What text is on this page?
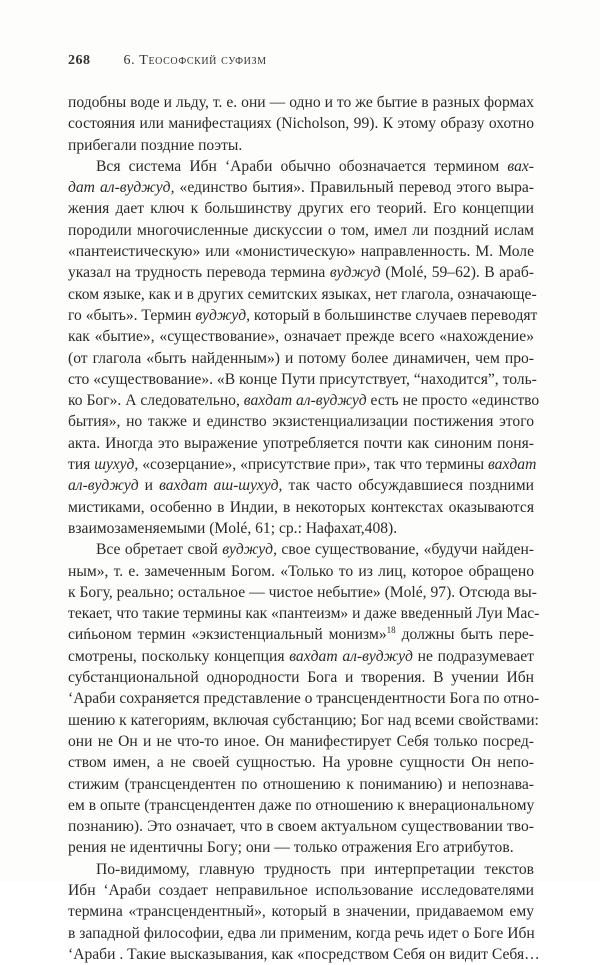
268 6. Теософский суфизм
подобны воде и льду, т. е. они — одно и то же бытие в разных формах
состояния или манифестациях (Nicholson, 99). К этому образу охотно
прибегали поздние поэты.
Вся система Ибн ‘Араби обычно обозначается термином вах-
дат ал-вуджуд, «единство бытия». Правильный перевод этого выра-
жения дает ключ к большинству других его теорий. Его концепции
породили многочисленные дискуссии о том, имел ли поздний ислам
«пантеистическую» или «монистическую» направленность. М. Моле
указал на трудность перевода термина вуджуд (Molé, 59–62). В араб-
ском языке, как и в других семитских языках, нет глагола, означающе-
го «быть». Термин вуджуд, который в большинстве случаев переводят
как «бытие», «существование», означает прежде всего «нахождение»
(от глагола «быть найденным») и потому более динамичен, чем про-
сто «существование». «В конце Пути присутствует, “находится”, толь-
ко Бог». А следовательно, вахдат ал-вуджуд есть не просто «единство
бытия», но также и единство экзистенциализации постижения этого
акта. Иногда это выражение употребляется почти как синоним поня-
тия шухуд, «созерцание», «присутствие при», так что термины вахдат
ал-вуджуд и вахдат аш-шухуд, так часто обсуждавшиеся поздними
мистиками, особенно в Индии, в некоторых контекстах оказываются
взаимозаменяемыми (Molé, 61; ср.: Нафахат,408).
Все обретает свой вуджуд, свое существование, «будучи найден-
ным», т. е. замеченным Богом. «Только то из лиц, которое обращено
к Богу, реально; остальное — чистое небытие» (Molé, 97). Отсюда вы-
текает, что такие термины как «пантеизм» и даже введенный Луи Мас-
сиńьоном термин «экзистенциальный монизм»$^{18}$ должны быть пере-
смотрены, поскольку концепция вахдат ал-вуджуд не подразумевает
субстанциональной однородности Бога и творения. В учении Ибн
‘Араби сохраняется представление о трансцендентности Бога по отно-
шению к категориям, включая субстанцию; Бог над всеми свойствами:
они не Он и не что-то иное. Он манифестирует Себя только посред-
ством имен, а не своей сущностью. На уровне сущности Он непо-
стижим (трансцендентен по отношению к пониманию) и непознава-
ем в опыте (трансцендентен даже по отношению к внерациональному
познанию). Это означает, что в своем актуальном существовании тво-
рения не идентичны Богу; они — только отражения Его атрибутов.
По-видимому, главную трудность при интерпретации текстов
Ибн ‘Араби создает неправильное использование исследователями
термина «трансцендентный», который в значении, придаваемом ему
в западной философии, едва ли применим, когда речь идет о Боге Ибн
‘Араби . Такие высказывания, как «посредством Себя он видит Себя…
